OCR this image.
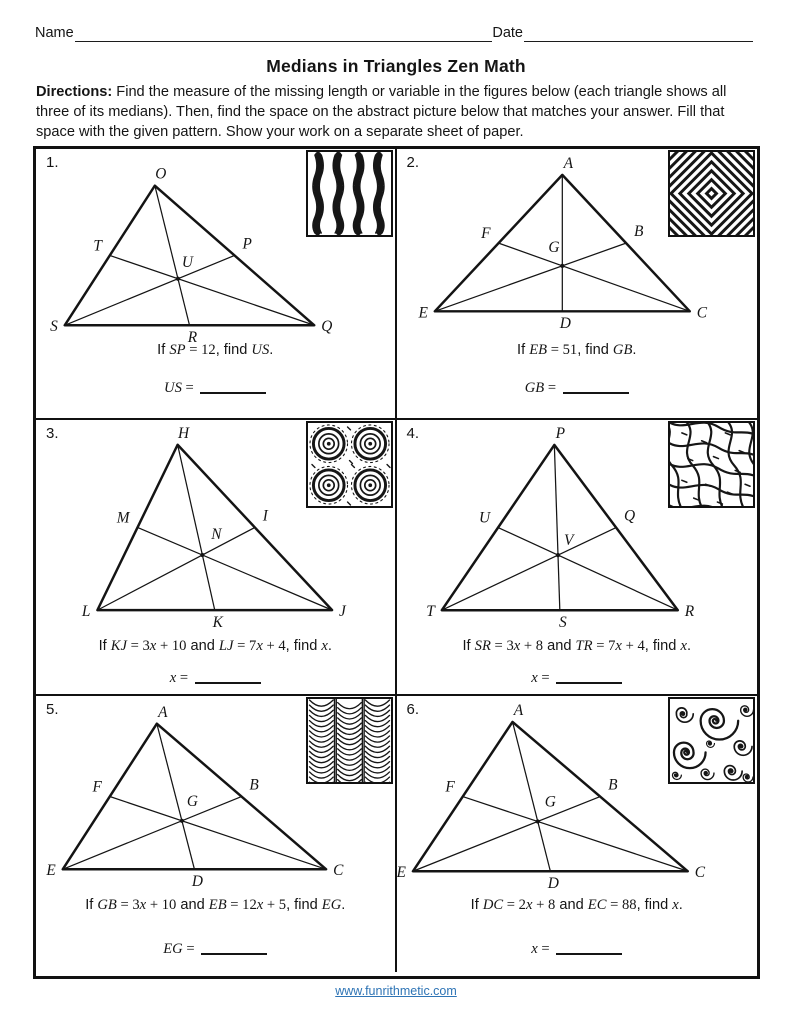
Name	Date
Medians in Triangles Zen Math
Directions: Find the measure of the missing length or variable in the figures below (each triangle shows all three of its medians). Then, find the space on the abstract picture below that matches your answer. Fill that space with the given pattern. Show your work on a separate sheet of paper.
1.
O
S	Q
T	P
R
U
If SP = 12, find US.
US =
2.	A
E	C
F	B
D
G
If EB = 51, find GB.
GB =
3.	H
L	J
M	I
K
N
If KJ = 3x + 10 and LJ = 7x + 4, find x.
x =
4.	P
T	R
U	Q
S
V
If SR = 3x + 8 and TR = 7x + 4, find x.
x =
5.	A
E	C
F	B
D
G
If GB = 3x + 10 and EB = 12x + 5, find EG.
EG =
6.	A
E	C
F	B
D
G
If DC = 2x + 8 and EC = 88, find x.
x =
www.funrithmetic.com
